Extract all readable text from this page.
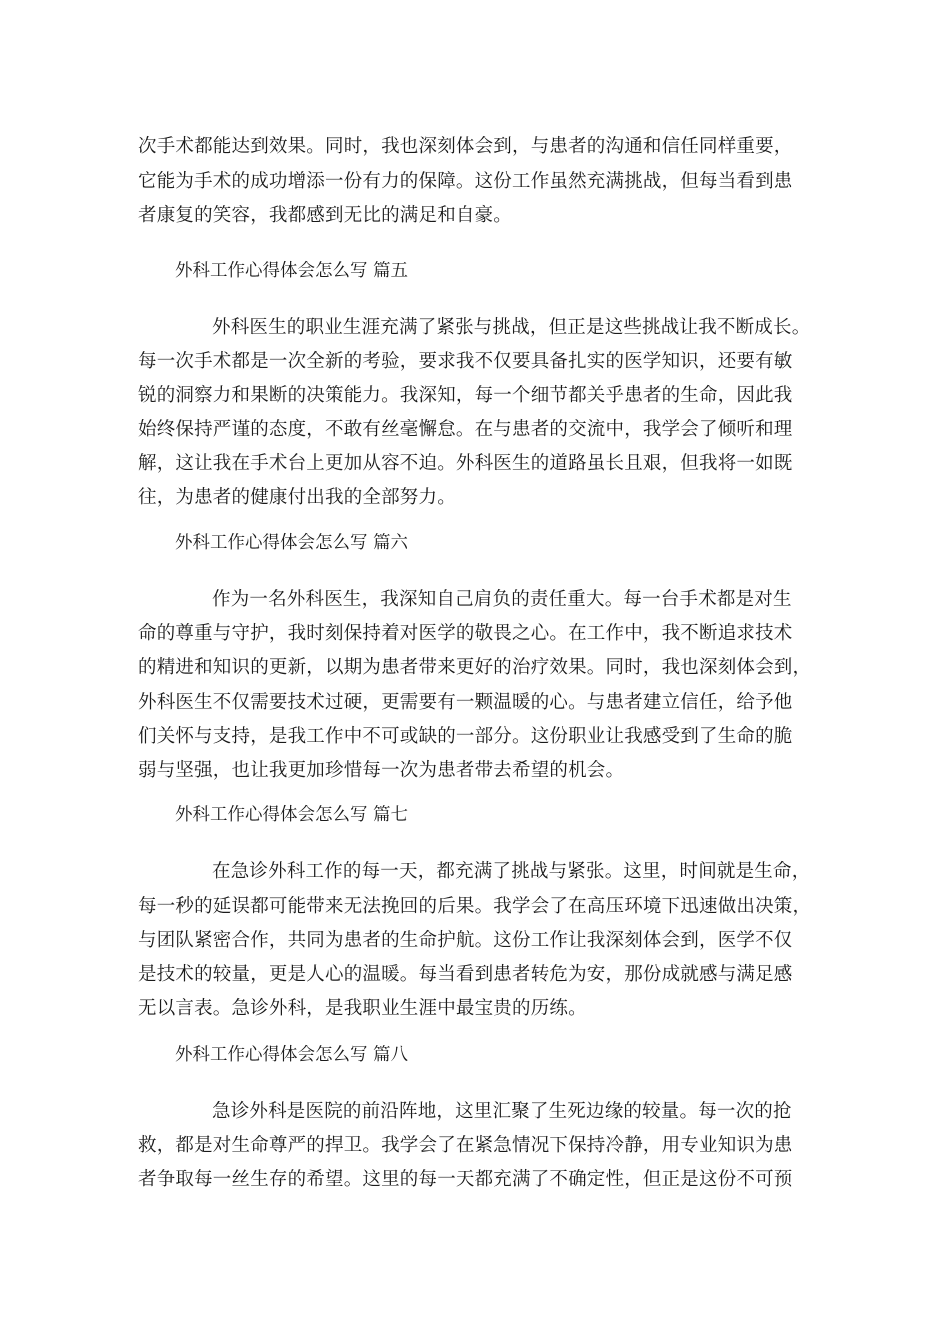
次手术都能达到效果。同时，我也深刻体会到，与患者的沟通和信任同样重要，
它能为手术的成功增添一份有力的保障。这份工作虽然充满挑战，但每当看到患
者康复的笑容，我都感到无比的满足和自豪。
外科工作心得体会怎么写 篇五
外科医生的职业生涯充满了紧张与挑战，但正是这些挑战让我不断成长。
每一次手术都是一次全新的考验，要求我不仅要具备扎实的医学知识，还要有敏
锐的洞察力和果断的决策能力。我深知，每一个细节都关乎患者的生命，因此我
始终保持严谨的态度，不敢有丝毫懈怠。在与患者的交流中，我学会了倾听和理
解，这让我在手术台上更加从容不迫。外科医生的道路虽长且艰，但我将一如既
往，为患者的健康付出我的全部努力。
外科工作心得体会怎么写 篇六
作为一名外科医生，我深知自己肩负的责任重大。每一台手术都是对生
命的尊重与守护，我时刻保持着对医学的敬畏之心。在工作中，我不断追求技术
的精进和知识的更新，以期为患者带来更好的治疗效果。同时，我也深刻体会到，
外科医生不仅需要技术过硬，更需要有一颗温暖的心。与患者建立信任，给予他
们关怀与支持，是我工作中不可或缺的一部分。这份职业让我感受到了生命的脆
弱与坚强，也让我更加珍惜每一次为患者带去希望的机会。
外科工作心得体会怎么写 篇七
在急诊外科工作的每一天，都充满了挑战与紧张。这里，时间就是生命，
每一秒的延误都可能带来无法挽回的后果。我学会了在高压环境下迅速做出决策，
与团队紧密合作，共同为患者的生命护航。这份工作让我深刻体会到，医学不仅
是技术的较量，更是人心的温暖。每当看到患者转危为安，那份成就感与满足感
无以言表。急诊外科，是我职业生涯中最宝贵的历练。
外科工作心得体会怎么写 篇八
急诊外科是医院的前沿阵地，这里汇聚了生死边缘的较量。每一次的抢
救，都是对生命尊严的捍卫。我学会了在紧急情况下保持冷静，用专业知识为患
者争取每一丝生存的希望。这里的每一天都充满了不确定性，但正是这份不可预
